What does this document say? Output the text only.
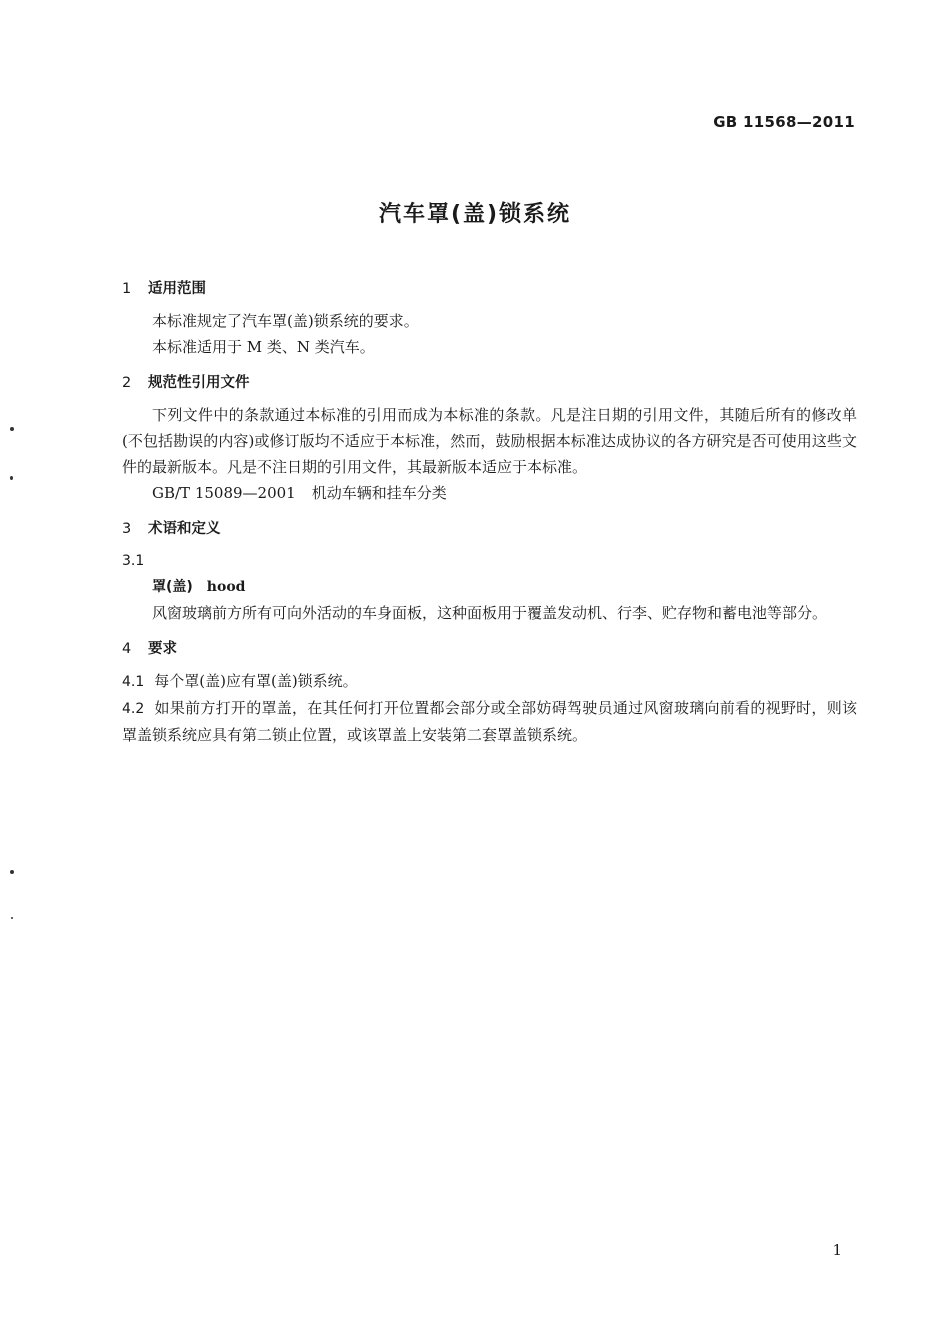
GB 11568—2011
汽车罩(盖)锁系统
1 适用范围

本标准规定了汽车罩(盖)锁系统的要求。

本标准适用于 M 类、N 类汽车。

2 规范性引用文件

下列文件中的条款通过本标准的引用而成为本标准的条款。凡是注日期的引用文件，其随后所有的修改单(不包括勘误的内容)或修订版均不适应于本标准，然而，鼓励根据本标准达成协议的各方研究是否可使用这些文件的最新版本。凡是不注日期的引用文件，其最新版本适应于本标准。

GB/T 15089—2001 机动车辆和挂车分类

3 术语和定义

3.1

罩(盖) hood

风窗玻璃前方所有可向外活动的车身面板，这种面板用于覆盖发动机、行李、贮存物和蓄电池等部分。

4 要求

4.1 每个罩(盖)应有罩(盖)锁系统。

4.2 如果前方打开的罩盖，在其任何打开位置都会部分或全部妨碍驾驶员通过风窗玻璃向前看的视野时，则该罩盖锁系统应具有第二锁止位置，或该罩盖上安装第二套罩盖锁系统。

1
